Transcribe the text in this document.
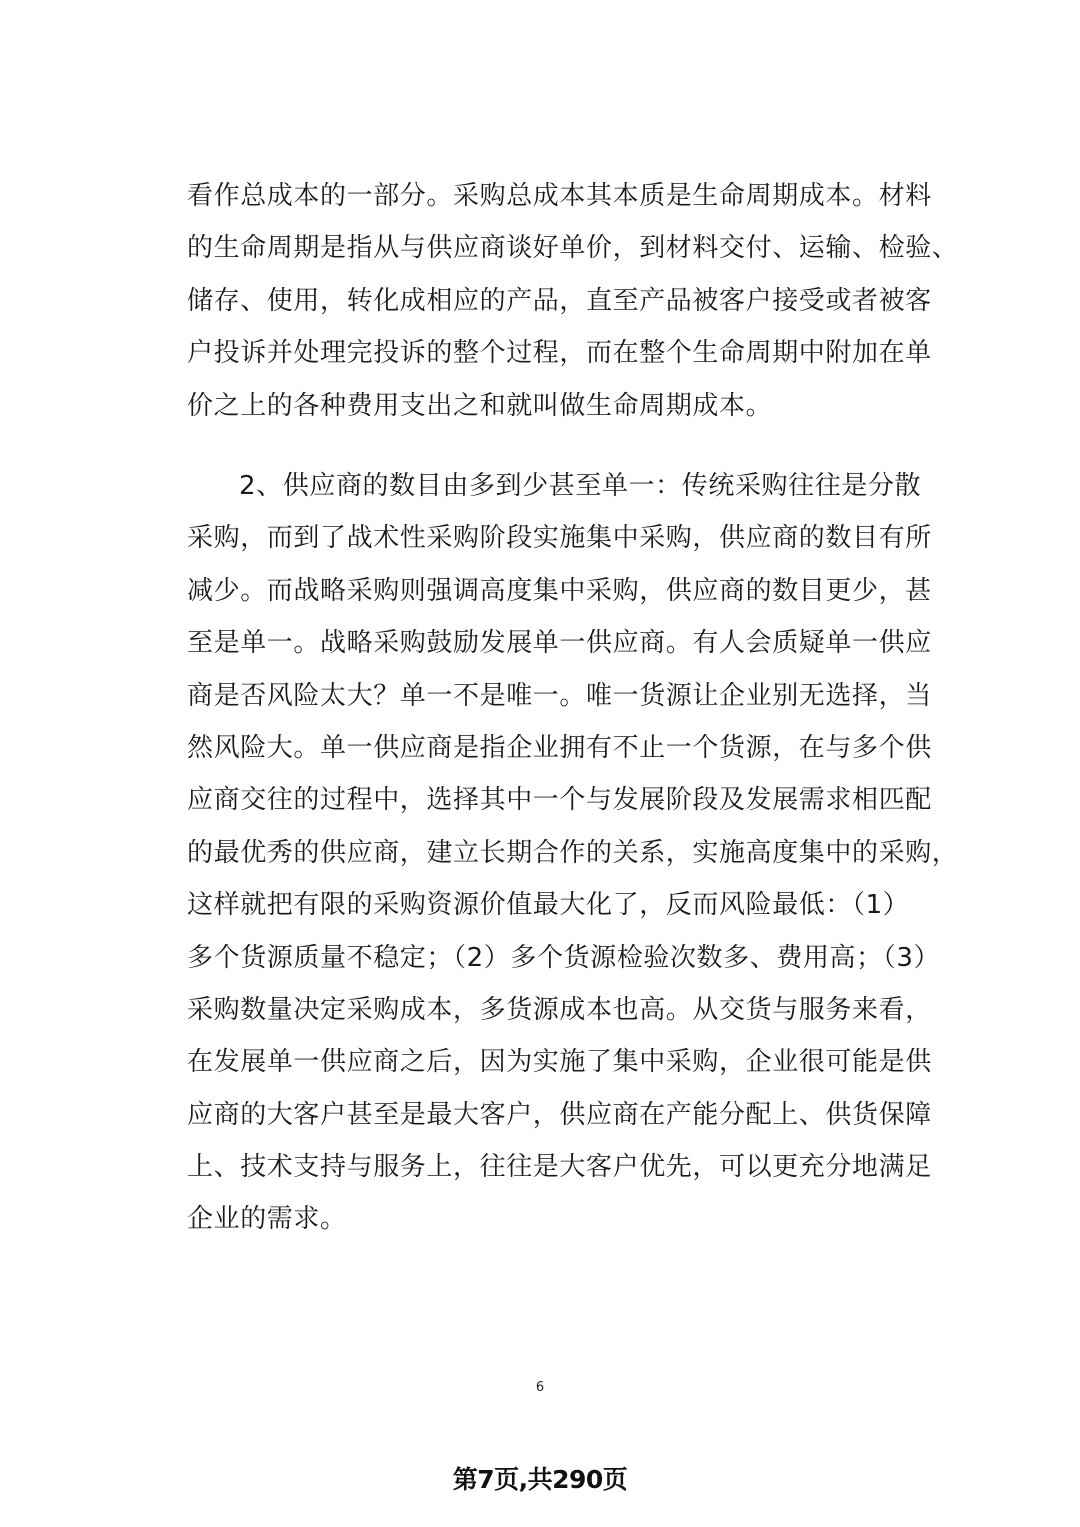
看作总成本的一部分。采购总成本其本质是生命周期成本。材料
的生命周期是指从与供应商谈好单价，到材料交付、运输、检验、
储存、使用，转化成相应的产品，直至产品被客户接受或者被客
户投诉并处理完投诉的整个过程，而在整个生命周期中附加在单
价之上的各种费用支出之和就叫做生命周期成本。
2、供应商的数目由多到少甚至单一：传统采购往往是分散
采购，而到了战术性采购阶段实施集中采购，供应商的数目有所
减少。而战略采购则强调高度集中采购，供应商的数目更少，甚
至是单一。战略采购鼓励发展单一供应商。有人会质疑单一供应
商是否风险太大？单一不是唯一。唯一货源让企业别无选择，当
然风险大。单一供应商是指企业拥有不止一个货源，在与多个供
应商交往的过程中，选择其中一个与发展阶段及发展需求相匹配
的最优秀的供应商，建立长期合作的关系，实施高度集中的采购，
这样就把有限的采购资源价值最大化了，反而风险最低：（1）
多个货源质量不稳定；（2）多个货源检验次数多、费用高；（3）
采购数量决定采购成本，多货源成本也高。从交货与服务来看，
在发展单一供应商之后，因为实施了集中采购，企业很可能是供
应商的大客户甚至是最大客户，供应商在产能分配上、供货保障
上、技术支持与服务上，往往是大客户优先，可以更充分地满足
企业的需求。
6
第7页,共290页
